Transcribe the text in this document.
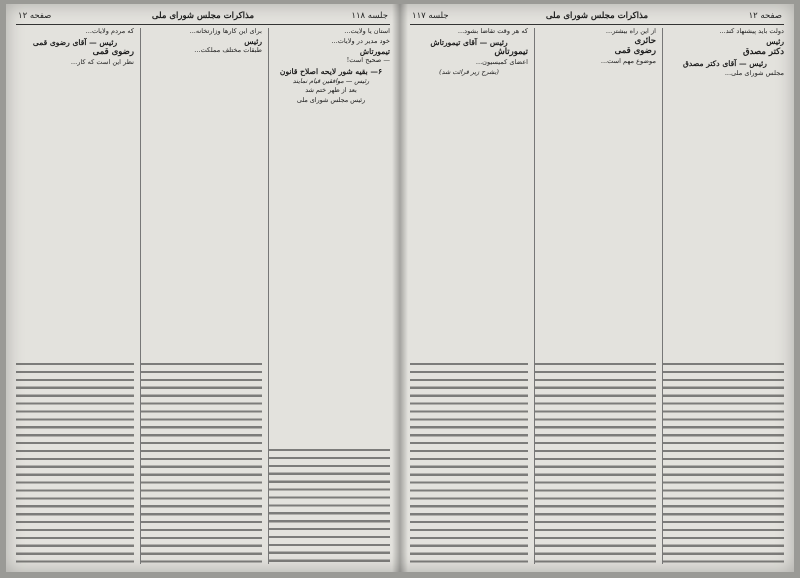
جلسه ۱۱۸
مذاکرات مجلس شورای ملی
صفحه ۱۲

استان یا ولایت...

خود مدیر در ولایات...

تیمورتاش

— صحیح است!

۶— بقیه شور لایحه اصلاح قانون
رئیس — موافقین قیام نمایند
بعد از ظهر ختم شد
رئیس مجلس شورای ملی

برای این کارها وزارتخانه...

رئیس

طبقات مختلف مملکت...

که مردم ولایات...

رئیس — آقای رضوی قمی
رضوی قمی

نظر این است که کار...

صفحه ۱۲
مذاکرات مجلس شورای ملی
جلسه ۱۱۷

دولت باید پیشنهاد کند...

رئیس
دکتر مصدق
رئیس — آقای دکتر مصدق

مجلس شورای ملی...

از این راه بیشتر...

حائری
رضوی قمی

موضوع مهم است...

که هر وقت تقاضا بشود...

رئیس — آقای تیمورتاش
تیمورتاش

اعضای کمیسیون...

(بشرح زیر قرائت شد)
